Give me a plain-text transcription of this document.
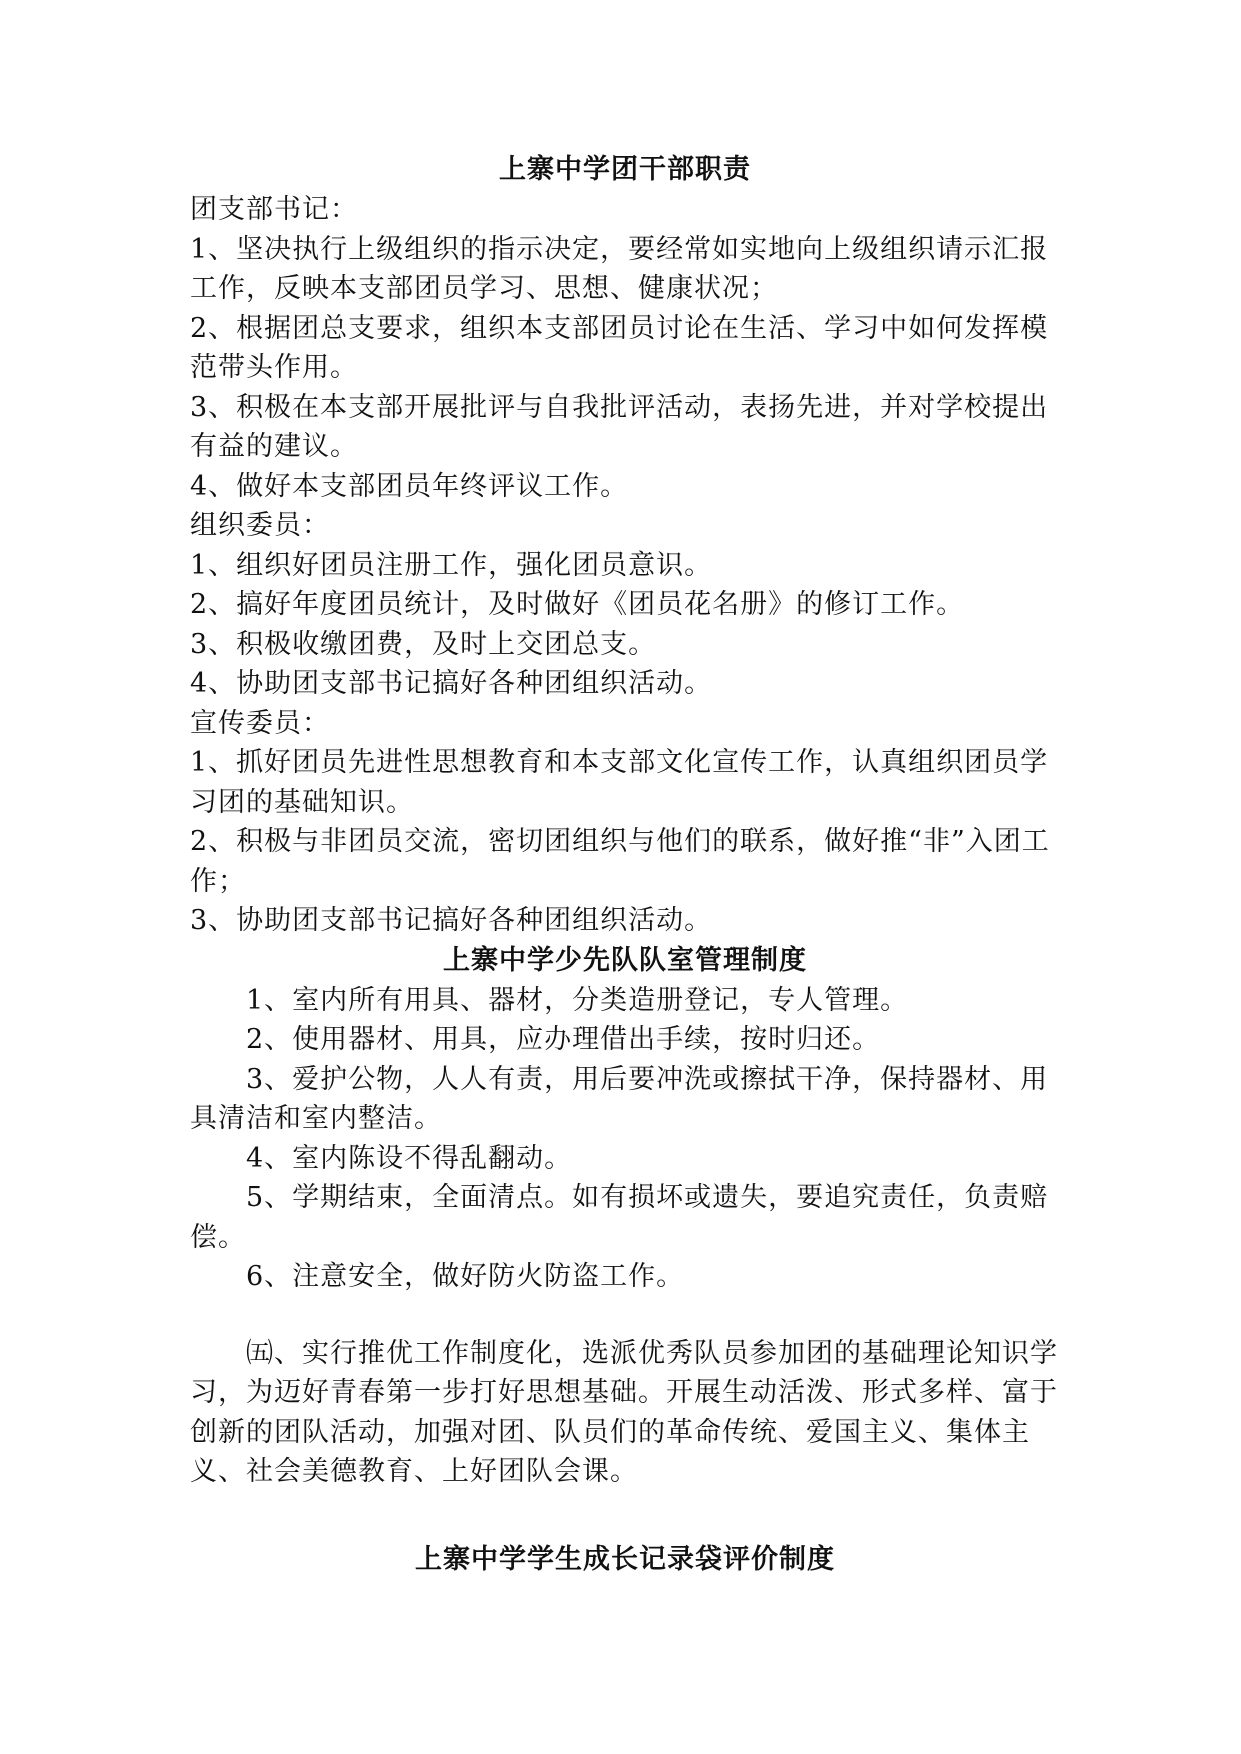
上寨中学团干部职责

团支部书记：

1、坚决执行上级组织的指示决定，要经常如实地向上级组织请示汇报工作，反映本支部团员学习、思想、健康状况；

2、根据团总支要求，组织本支部团员讨论在生活、学习中如何发挥模范带头作用。

3、积极在本支部开展批评与自我批评活动，表扬先进，并对学校提出有益的建议。

4、做好本支部团员年终评议工作。

组织委员：

1、组织好团员注册工作，强化团员意识。

2、搞好年度团员统计，及时做好《团员花名册》的修订工作。

3、积极收缴团费，及时上交团总支。

4、协助团支部书记搞好各种团组织活动。

宣传委员：

1、抓好团员先进性思想教育和本支部文化宣传工作，认真组织团员学习团的基础知识。

2、积极与非团员交流，密切团组织与他们的联系，做好推“非”入团工作；

3、协助团支部书记搞好各种团组织活动。

上寨中学少先队队室管理制度

1、室内所有用具、器材，分类造册登记，专人管理。

2、使用器材、用具，应办理借出手续，按时归还。

3、爱护公物，人人有责，用后要冲洗或擦拭干净，保持器材、用具清洁和室内整洁。

4、室内陈设不得乱翻动。

5、学期结束，全面清点。如有损坏或遗失，要追究责任，负责赔偿。

6、注意安全，做好防火防盗工作。

㈤、实行推优工作制度化，选派优秀队员参加团的基础理论知识学习，为迈好青春第一步打好思想基础。开展生动活泼、形式多样、富于创新的团队活动，加强对团、队员们的革命传统、爱国主义、集体主义、社会美德教育、上好团队会课。

上寨中学学生成长记录袋评价制度
